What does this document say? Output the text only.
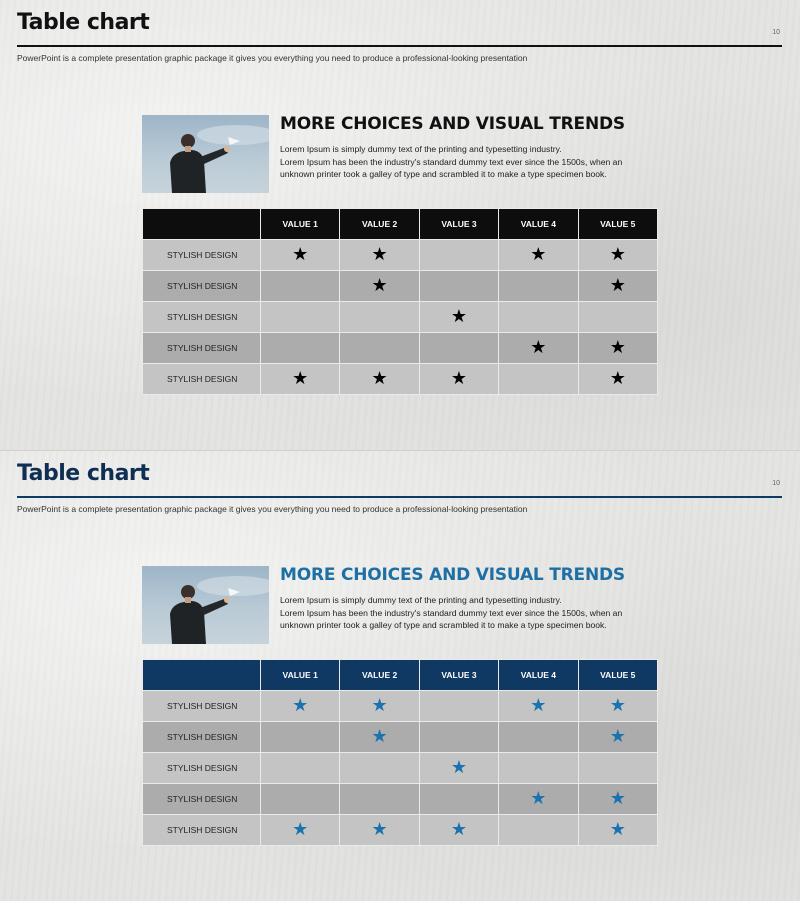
Table chart	10
PowerPoint is a complete presentation graphic package it gives you everything you need to produce a professional-looking presentation
MORE CHOICES AND VISUAL TRENDS
Lorem Ipsum is simply dummy text of the printing and typesetting industry.
Lorem Ipsum has been the industry's standard dummy text ever since the 1500s, when an
unknown printer took a galley of type and scrambled it to make a type specimen book.
	VALUE 1	VALUE 2	VALUE 3	VALUE 4	VALUE 5
STYLISH DESIGN	★	★		★	★
STYLISH DESIGN		★			★
STYLISH DESIGN			★		
STYLISH DESIGN				★	★
STYLISH DESIGN	★	★	★		★
Table chart	10
PowerPoint is a complete presentation graphic package it gives you everything you need to produce a professional-looking presentation
MORE CHOICES AND VISUAL TRENDS
Lorem Ipsum is simply dummy text of the printing and typesetting industry.
Lorem Ipsum has been the industry's standard dummy text ever since the 1500s, when an
unknown printer took a galley of type and scrambled it to make a type specimen book.
	VALUE 1	VALUE 2	VALUE 3	VALUE 4	VALUE 5
STYLISH DESIGN	★	★		★	★
STYLISH DESIGN		★			★
STYLISH DESIGN			★		
STYLISH DESIGN				★	★
STYLISH DESIGN	★	★	★		★
